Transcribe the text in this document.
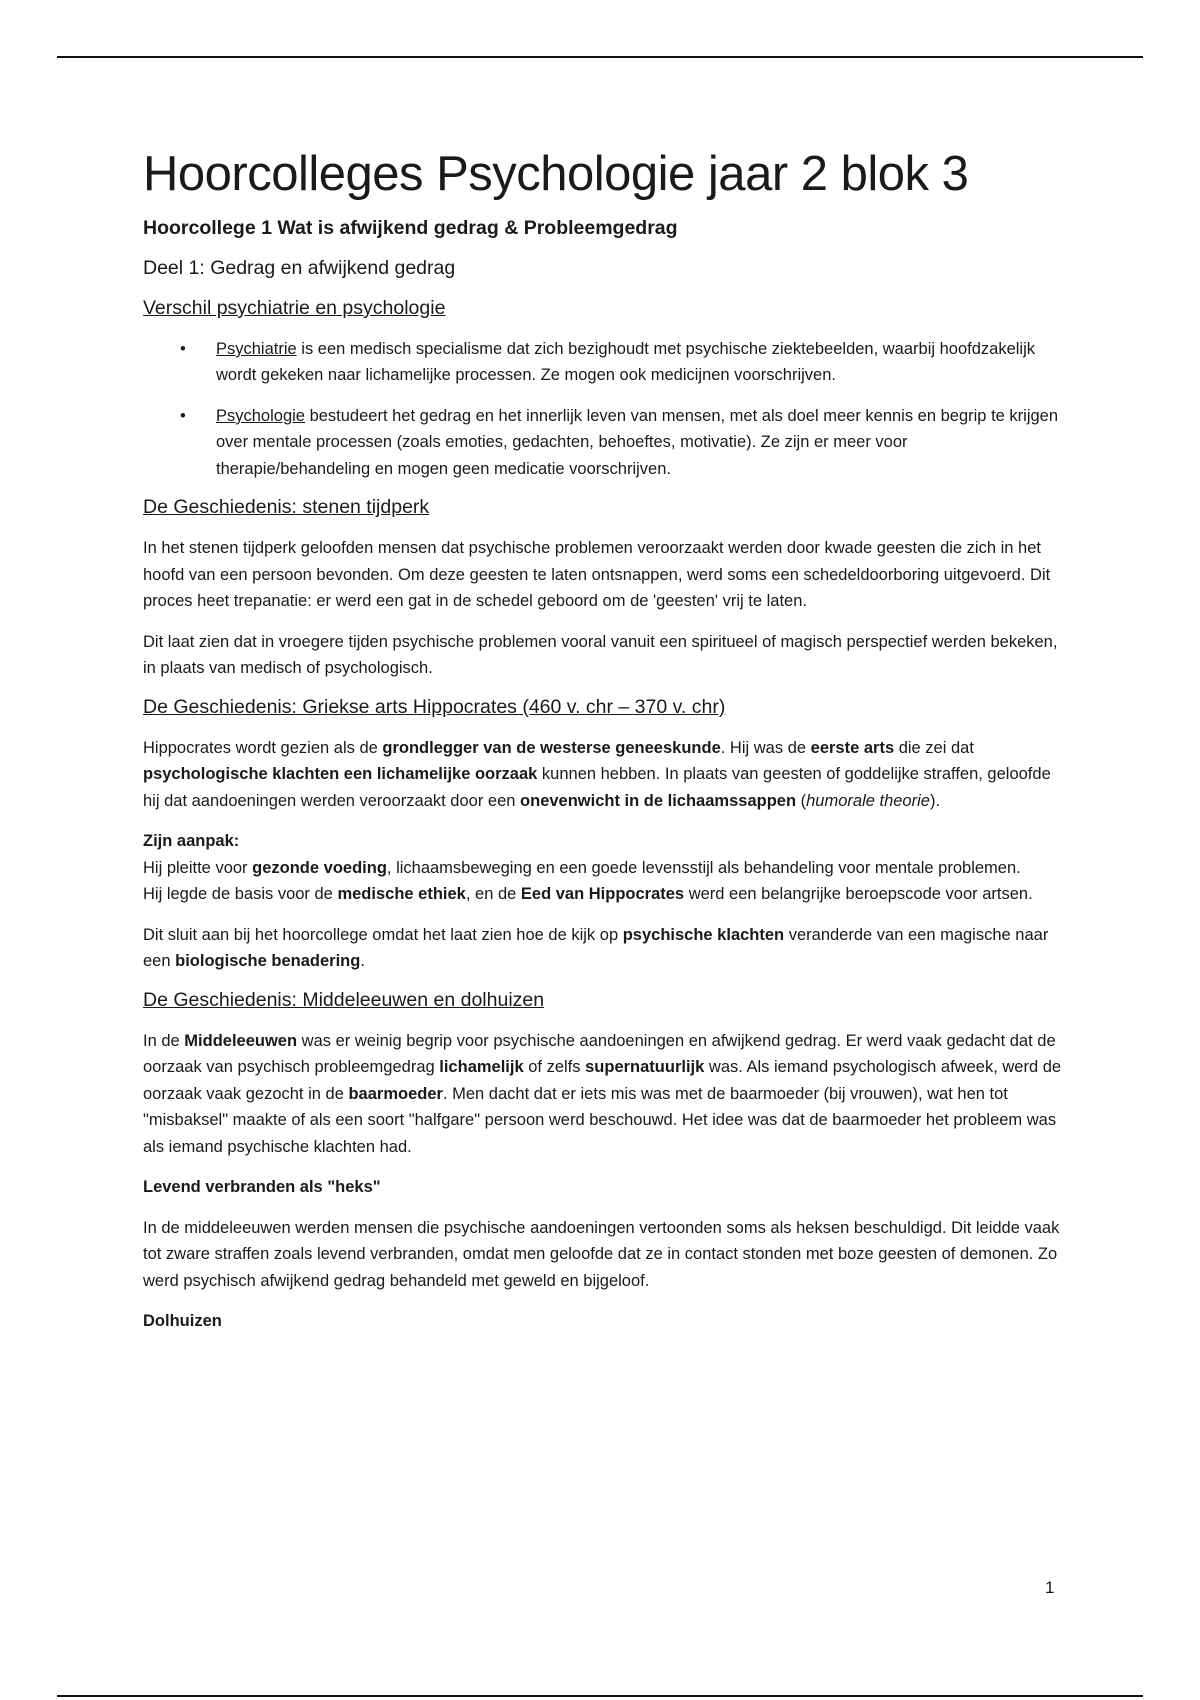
Hoorcolleges Psychologie jaar 2 blok 3
Hoorcollege 1 Wat is afwijkend gedrag & Probleemgedrag
Deel 1: Gedrag en afwijkend gedrag
Verschil psychiatrie en psychologie
• Psychiatrie is een medisch specialisme dat zich bezighoudt met psychische ziektebeelden, waarbij hoofdzakelijk wordt gekeken naar lichamelijke processen. Ze mogen ook medicijnen voorschrijven.
• Psychologie bestudeert het gedrag en het innerlijk leven van mensen, met als doel meer kennis en begrip te krijgen over mentale processen (zoals emoties, gedachten, behoeftes, motivatie). Ze zijn er meer voor therapie/behandeling en mogen geen medicatie voorschrijven.
De Geschiedenis: stenen tijdperk

In het stenen tijdperk geloofden mensen dat psychische problemen veroorzaakt werden door kwade geesten die zich in het hoofd van een persoon bevonden. Om deze geesten te laten ontsnappen, werd soms een schedeldoorboring uitgevoerd. Dit proces heet trepanatie: er werd een gat in de schedel geboord om de 'geesten' vrij te laten.

Dit laat zien dat in vroegere tijden psychische problemen vooral vanuit een spiritueel of magisch perspectief werden bekeken, in plaats van medisch of psychologisch.

De Geschiedenis: Griekse arts Hippocrates (460 v. chr – 370 v. chr)

Hippocrates wordt gezien als de grondlegger van de westerse geneeskunde. Hij was de eerste arts die zei dat psychologische klachten een lichamelijke oorzaak kunnen hebben. In plaats van geesten of goddelijke straffen, geloofde hij dat aandoeningen werden veroorzaakt door een onevenwicht in de lichaamssappen (humorale theorie).

Zijn aanpak:

Hij pleitte voor gezonde voeding, lichaamsbeweging en een goede levensstijl als behandeling voor mentale problemen.

Hij legde de basis voor de medische ethiek, en de Eed van Hippocrates werd een belangrijke beroepscode voor artsen.

Dit sluit aan bij het hoorcollege omdat het laat zien hoe de kijk op psychische klachten veranderde van een magische naar een biologische benadering.

De Geschiedenis: Middeleeuwen en dolhuizen

In de Middeleeuwen was er weinig begrip voor psychische aandoeningen en afwijkend gedrag. Er werd vaak gedacht dat de oorzaak van psychisch probleemgedrag lichamelijk of zelfs supernatuurlijk was. Als iemand psychologisch afweek, werd de oorzaak vaak gezocht in de baarmoeder. Men dacht dat er iets mis was met de baarmoeder (bij vrouwen), wat hen tot "misbaksel" maakte of als een soort "halfgare" persoon werd beschouwd. Het idee was dat de baarmoeder het probleem was als iemand psychische klachten had.

Levend verbranden als "heks"

In de middeleeuwen werden mensen die psychische aandoeningen vertoonden soms als heksen beschuldigd. Dit leidde vaak tot zware straffen zoals levend verbranden, omdat men geloofde dat ze in contact stonden met boze geesten of demonen. Zo werd psychisch afwijkend gedrag behandeld met geweld en bijgeloof.

Dolhuizen

1
